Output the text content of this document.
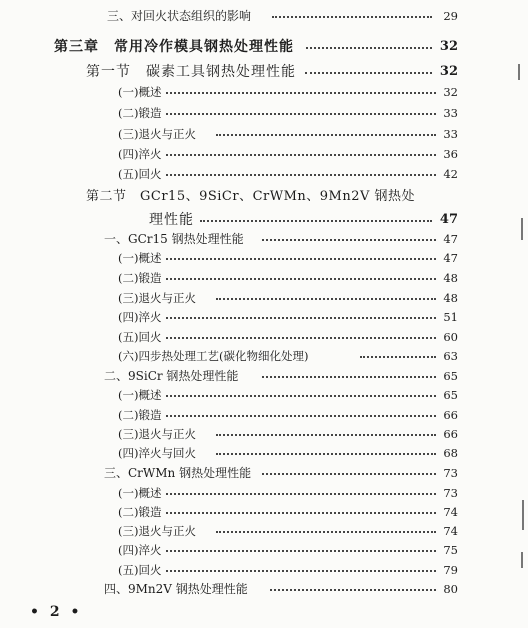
三、对回火状态组织的影响	29
第三章　常用冷作模具钢热处理性能	32
第一节　碳素工具钢热处理性能	32
(一)概述	32
(二)锻造	33
(三)退火与正火	33
(四)淬火	36
(五)回火	42
第二节　GCr15、9SiCr、CrWMn、9Mn2V 钢热处
理性能	47
一、GCr15 钢热处理性能	47
(一)概述	47
(二)锻造	48
(三)退火与正火	48
(四)淬火	51
(五)回火	60
(六)四步热处理工艺(碳化物细化处理)	63
二、9SiCr 钢热处理性能	65
(一)概述	65
(二)锻造	66
(三)退火与正火	66
(四)淬火与回火	68
三、CrWMn 钢热处理性能	73
(一)概述	73
(二)锻造	74
(三)退火与正火	74
(四)淬火	75
(五)回火	79
四、9Mn2V 钢热处理性能	80
• 2 •
